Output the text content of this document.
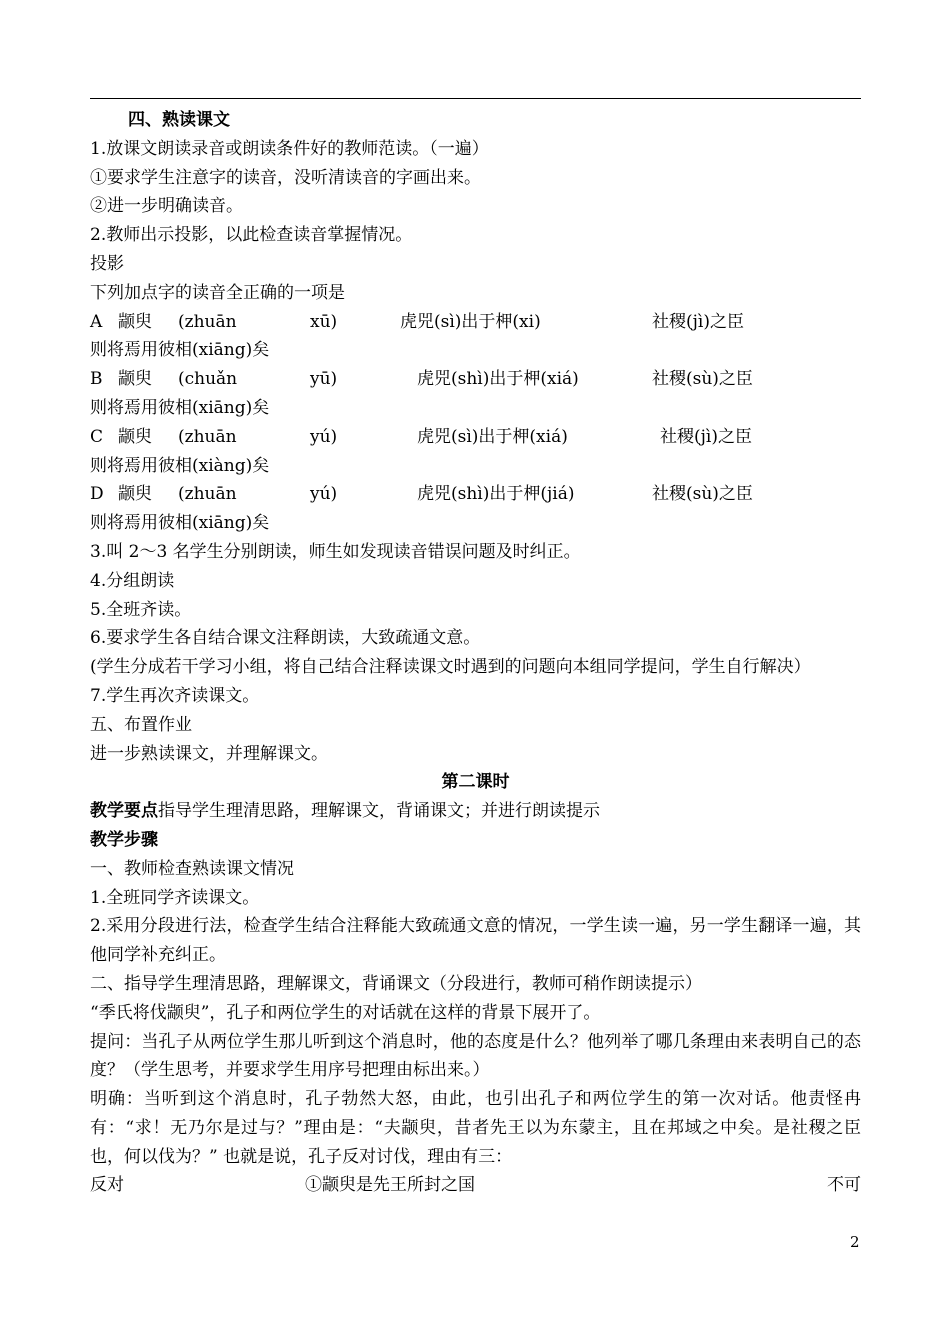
四、熟读课文
1.放课文朗读录音或朗读条件好的教师范读。（一遍）
①要求学生注意字的读音，没听清读音的字画出来。
②进一步明确读音。
2.教师出示投影，以此检查读音掌握情况。
投影
下列加点字的读音全正确的一项是
A 颛臾 (zhuān	xū)	虎兕(sì)出于柙(xi)	社稷(jì)之臣
则将焉用彼相(xiāng)矣
B 颛臾 (chuǎn	yū)	虎兕(shì)出于柙(xiá)	社稷(sù)之臣
则将焉用彼相(xiāng)矣
C 颛臾 (zhuān	yú)	虎兕(sì)出于柙(xiá)	社稷(jì)之臣
则将焉用彼相(xiàng)矣
D 颛臾 (zhuān	yú)	虎兕(shì)出于柙(jiá)	社稷(sù)之臣
则将焉用彼相(xiāng)矣
3.叫 2～3 名学生分别朗读，师生如发现读音错误问题及时纠正。
4.分组朗读
5.全班齐读。
6.要求学生各自结合课文注释朗读，大致疏通文意。
(学生分成若干学习小组，将自己结合注释读课文时遇到的问题向本组同学提问，学生自行解决）
7.学生再次齐读课文。
五、布置作业
进一步熟读课文，并理解课文。
第二课时
教学要点指导学生理清思路，理解课文，背诵课文；并进行朗读提示
教学步骤
一、教师检查熟读课文情况
1.全班同学齐读课文。
2.采用分段进行法，检查学生结合注释能大致疏通文意的情况，一学生读一遍，另一学生翻译一遍，其他同学补充纠正。
二、指导学生理清思路，理解课文，背诵课文（分段进行，教师可稍作朗读提示）
“季氏将伐颛臾”，孔子和两位学生的对话就在这样的背景下展开了。
提问：当孔子从两位学生那儿听到这个消息时，他的态度是什么？他列举了哪几条理由来表明自己的态度？（学生思考，并要求学生用序号把理由标出来。）
明确：当听到这个消息时，孔子勃然大怒，由此，也引出孔子和两位学生的第一次对话。他责怪冉有：“求！无乃尔是过与？”理由是：“夫颛臾，昔者先王以为东蒙主，且在邦域之中矣。是社稷之臣也，何以伐为？” 也就是说，孔子反对讨伐，理由有三：
反对	①颛臾是先王所封之国	不可
2
